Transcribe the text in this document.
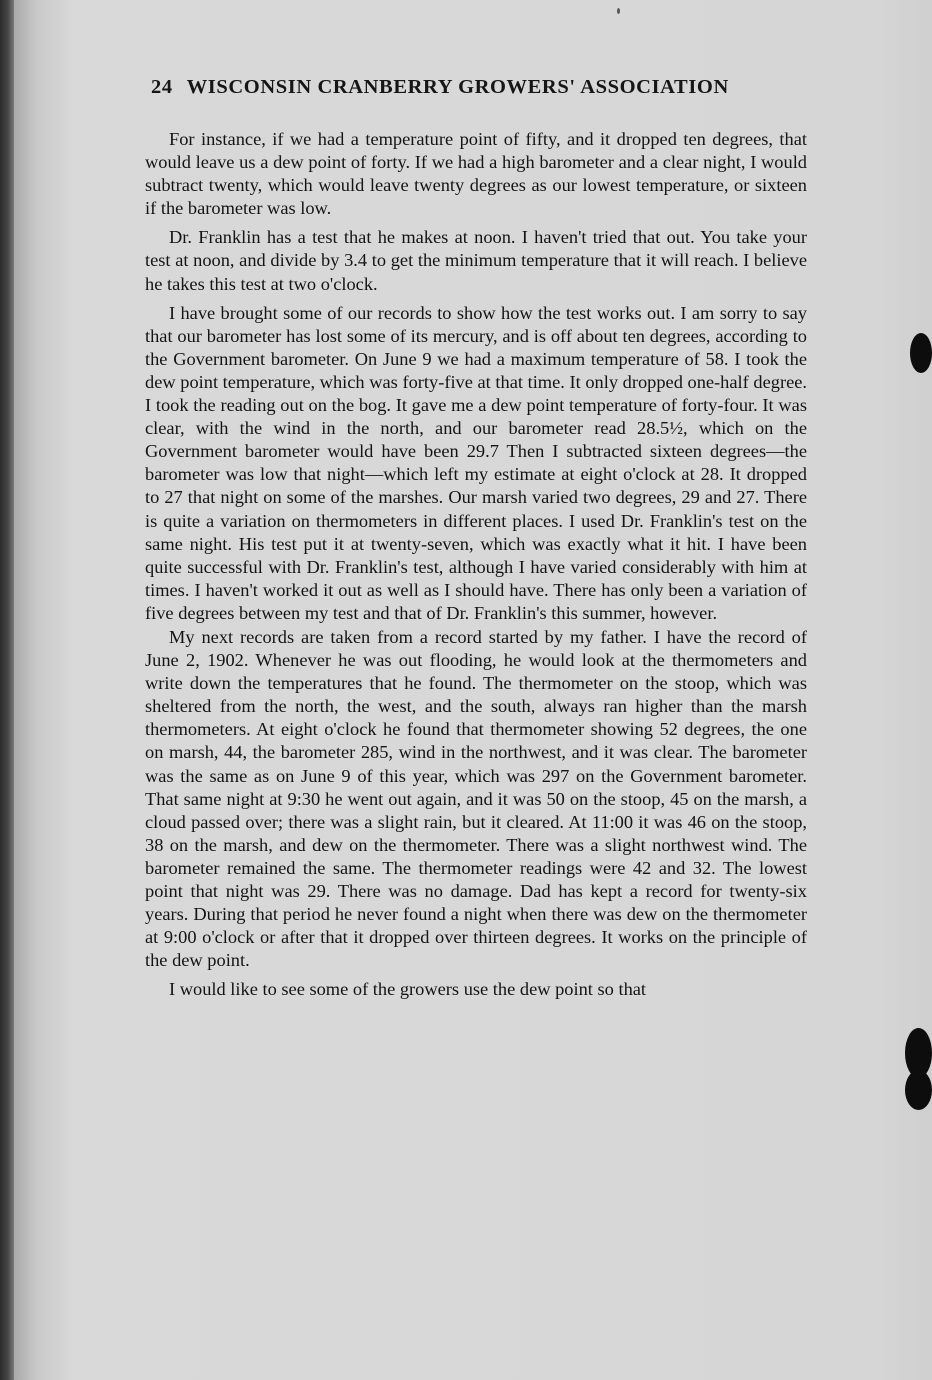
24 WISCONSIN CRANBERRY GROWERS' ASSOCIATION

For instance, if we had a temperature point of fifty, and it dropped ten degrees, that would leave us a dew point of forty. If we had a high barometer and a clear night, I would subtract twenty, which would leave twenty degrees as our lowest temperature, or sixteen if the barometer was low.

Dr. Franklin has a test that he makes at noon. I haven't tried that out. You take your test at noon, and divide by 3.4 to get the minimum temperature that it will reach. I believe he takes this test at two o'clock.

I have brought some of our records to show how the test works out. I am sorry to say that our barometer has lost some of its mercury, and is off about ten degrees, according to the Government barometer. On June 9 we had a maximum temperature of 58. I took the dew point temperature, which was forty-five at that time. It only dropped one-half degree. I took the reading out on the bog. It gave me a dew point temperature of forty-four. It was clear, with the wind in the north, and our barometer read 28.5½, which on the Government barometer would have been 29.7 Then I subtracted sixteen degrees—the barometer was low that night—which left my estimate at eight o'clock at 28. It dropped to 27 that night on some of the marshes. Our marsh varied two degrees, 29 and 27. There is quite a variation on thermometers in different places. I used Dr. Franklin's test on the same night. His test put it at twenty-seven, which was exactly what it hit. I have been quite successful with Dr. Franklin's test, although I have varied considerably with him at times. I haven't worked it out as well as I should have. There has only been a variation of five degrees between my test and that of Dr. Franklin's this summer, however.

My next records are taken from a record started by my father. I have the record of June 2, 1902. Whenever he was out flooding, he would look at the thermometers and write down the temperatures that he found. The thermometer on the stoop, which was sheltered from the north, the west, and the south, always ran higher than the marsh thermometers. At eight o'clock he found that thermometer showing 52 degrees, the one on marsh, 44, the barometer 285, wind in the northwest, and it was clear. The barometer was the same as on June 9 of this year, which was 297 on the Government barometer. That same night at 9:30 he went out again, and it was 50 on the stoop, 45 on the marsh, a cloud passed over; there was a slight rain, but it cleared. At 11:00 it was 46 on the stoop, 38 on the marsh, and dew on the thermometer. There was a slight northwest wind. The barometer remained the same. The thermometer readings were 42 and 32. The lowest point that night was 29. There was no damage. Dad has kept a record for twenty-six years. During that period he never found a night when there was dew on the thermometer at 9:00 o'clock or after that it dropped over thirteen degrees. It works on the principle of the dew point.

I would like to see some of the growers use the dew point so that
